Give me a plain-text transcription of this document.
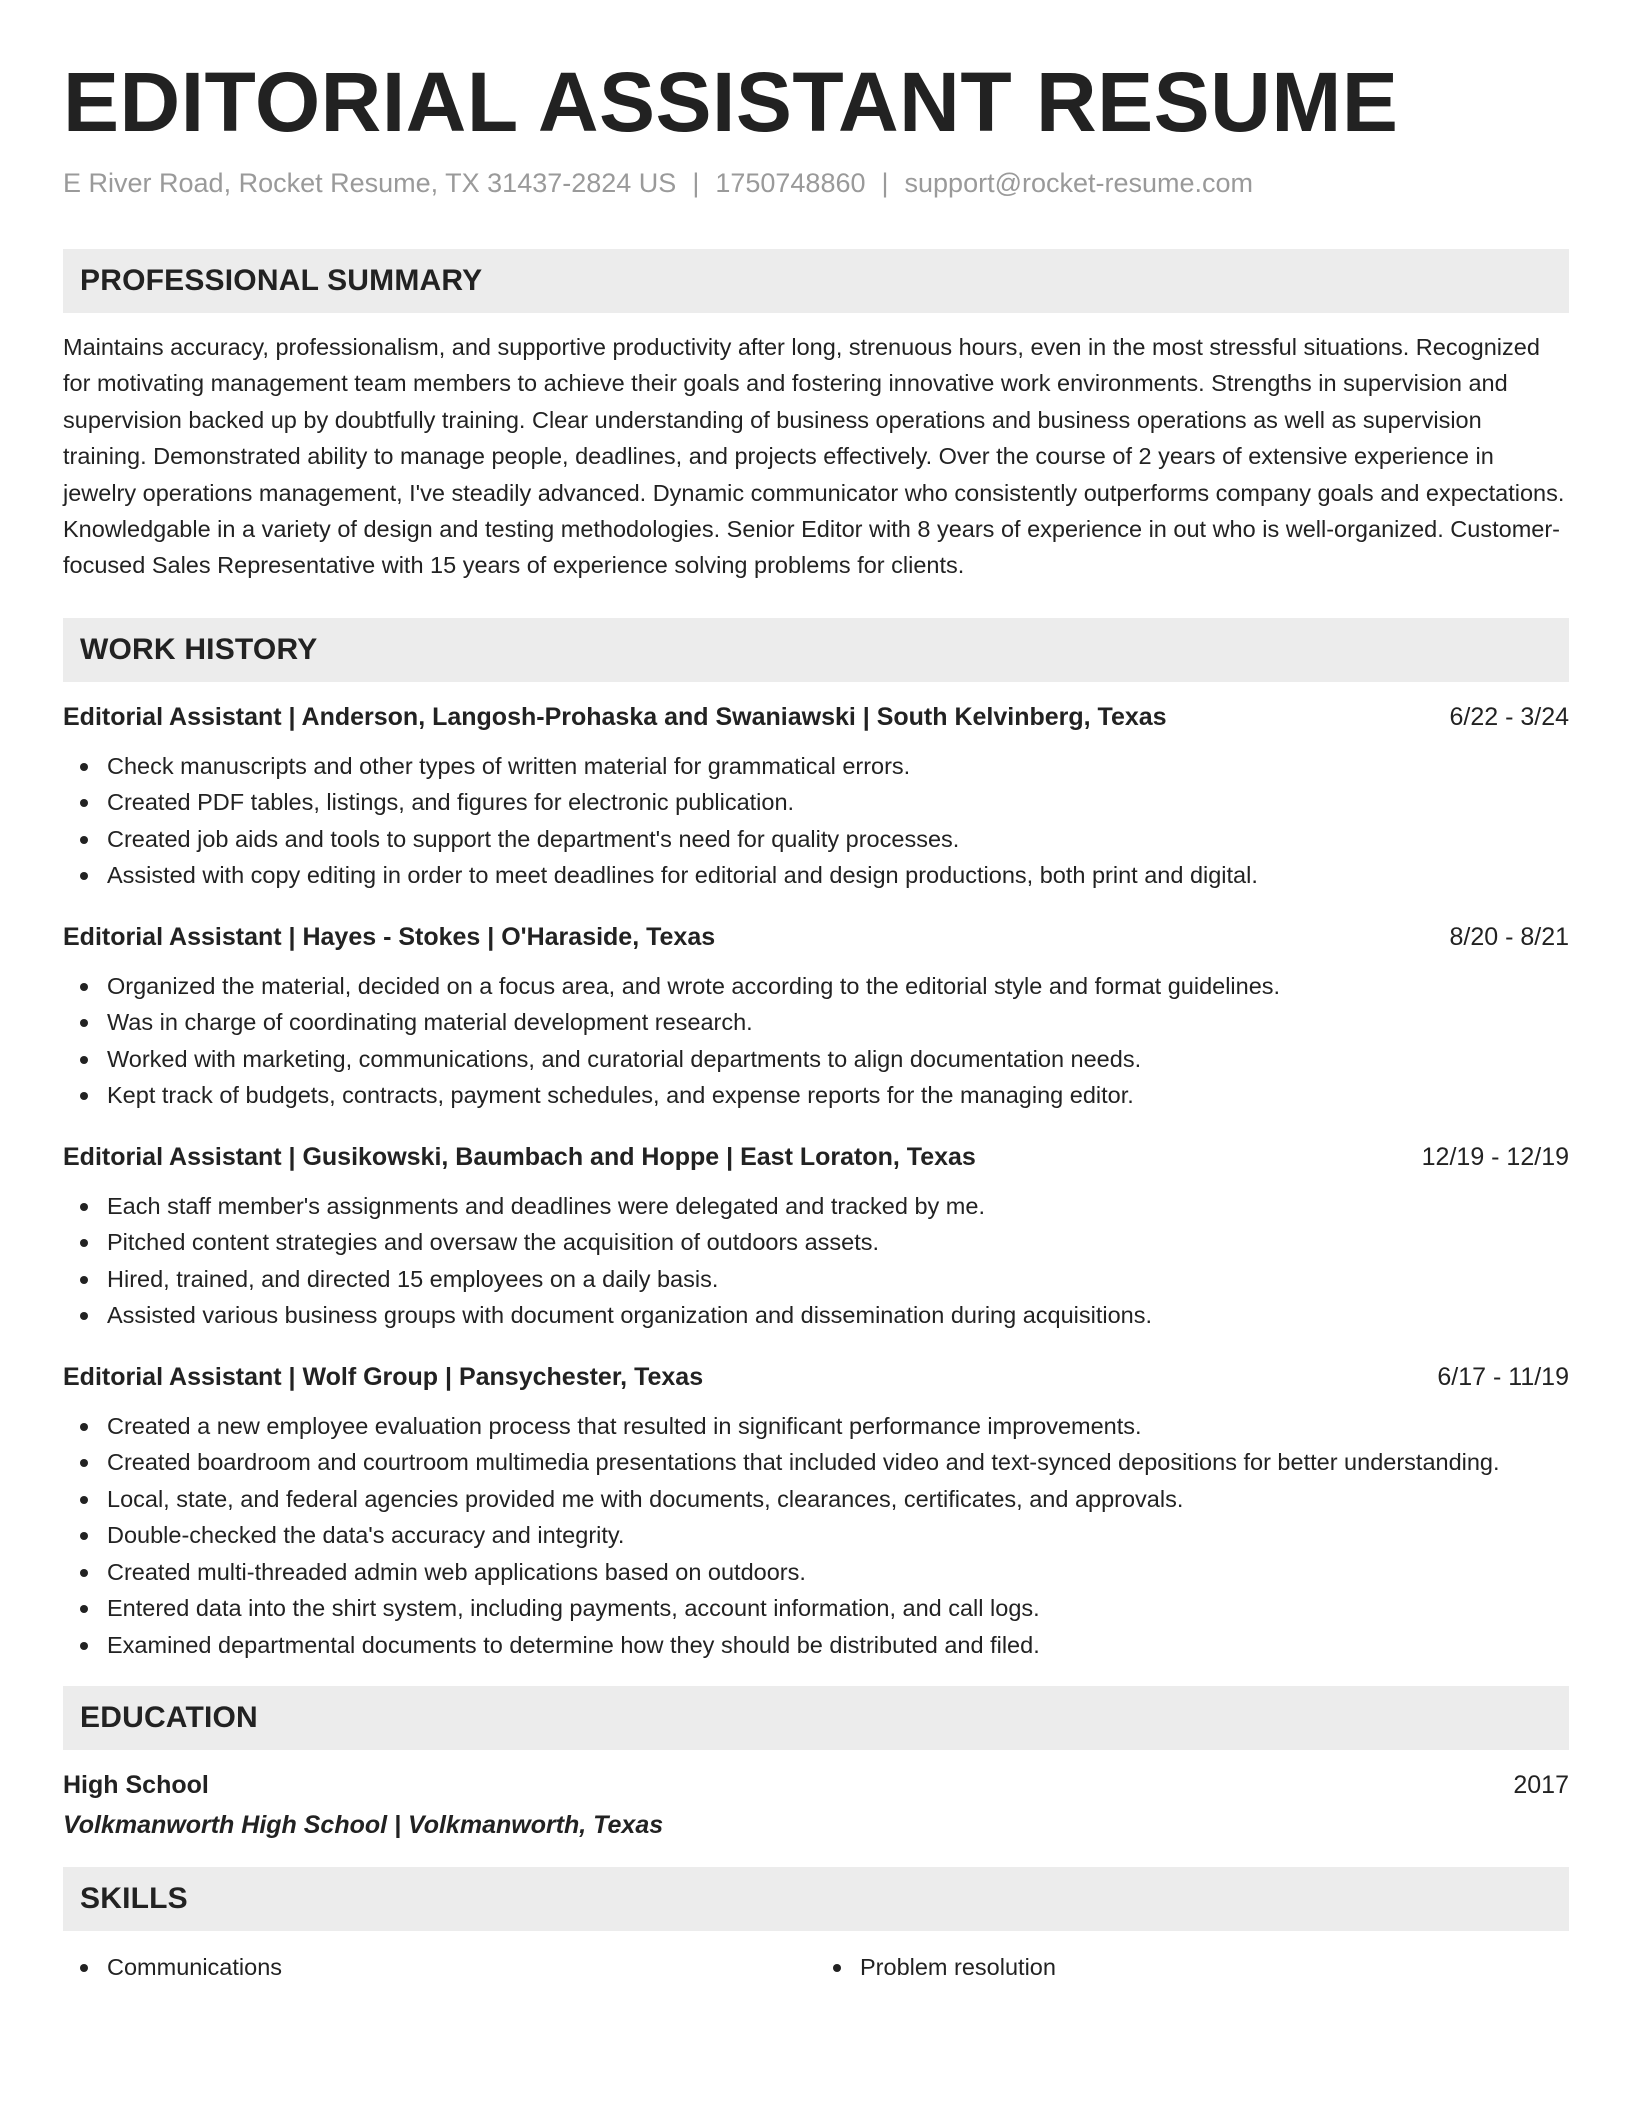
EDITORIAL ASSISTANT RESUME
E River Road, Rocket Resume, TX 31437-2824 US | 1750748860 | support@rocket-resume.com
PROFESSIONAL SUMMARY

Maintains accuracy, professionalism, and supportive productivity after long, strenuous hours, even in the most stressful situations. Recognized for motivating management team members to achieve their goals and fostering innovative work environments. Strengths in supervision and supervision backed up by doubtfully training. Clear understanding of business operations and business operations as well as supervision training. Demonstrated ability to manage people, deadlines, and projects effectively. Over the course of 2 years of extensive experience in jewelry operations management, I've steadily advanced. Dynamic communicator who consistently outperforms company goals and expectations. Knowledgable in a variety of design and testing methodologies. Senior Editor with 8 years of experience in out who is well-organized. Customer-focused Sales Representative with 15 years of experience solving problems for clients.

WORK HISTORY
Editorial Assistant | Anderson, Langosh-Prohaska and Swaniawski | South Kelvinberg, Texas	6/22 - 3/24
Check manuscripts and other types of written material for grammatical errors.
Created PDF tables, listings, and figures for electronic publication.
Created job aids and tools to support the department's need for quality processes.
Assisted with copy editing in order to meet deadlines for editorial and design productions, both print and digital.
Editorial Assistant | Hayes - Stokes | O'Haraside, Texas	8/20 - 8/21
Organized the material, decided on a focus area, and wrote according to the editorial style and format guidelines.
Was in charge of coordinating material development research.
Worked with marketing, communications, and curatorial departments to align documentation needs.
Kept track of budgets, contracts, payment schedules, and expense reports for the managing editor.
Editorial Assistant | Gusikowski, Baumbach and Hoppe | East Loraton, Texas	12/19 - 12/19
Each staff member's assignments and deadlines were delegated and tracked by me.
Pitched content strategies and oversaw the acquisition of outdoors assets.
Hired, trained, and directed 15 employees on a daily basis.
Assisted various business groups with document organization and dissemination during acquisitions.
Editorial Assistant | Wolf Group | Pansychester, Texas	6/17 - 11/19
Created a new employee evaluation process that resulted in significant performance improvements.
Created boardroom and courtroom multimedia presentations that included video and text-synced depositions for better understanding.
Local, state, and federal agencies provided me with documents, clearances, certificates, and approvals.
Double-checked the data's accuracy and integrity.
Created multi-threaded admin web applications based on outdoors.
Entered data into the shirt system, including payments, account information, and call logs.
Examined departmental documents to determine how they should be distributed and filed.
EDUCATION
High School	2017
Volkmanworth High School | Volkmanworth, Texas
SKILLS
Communications	Problem resolution
